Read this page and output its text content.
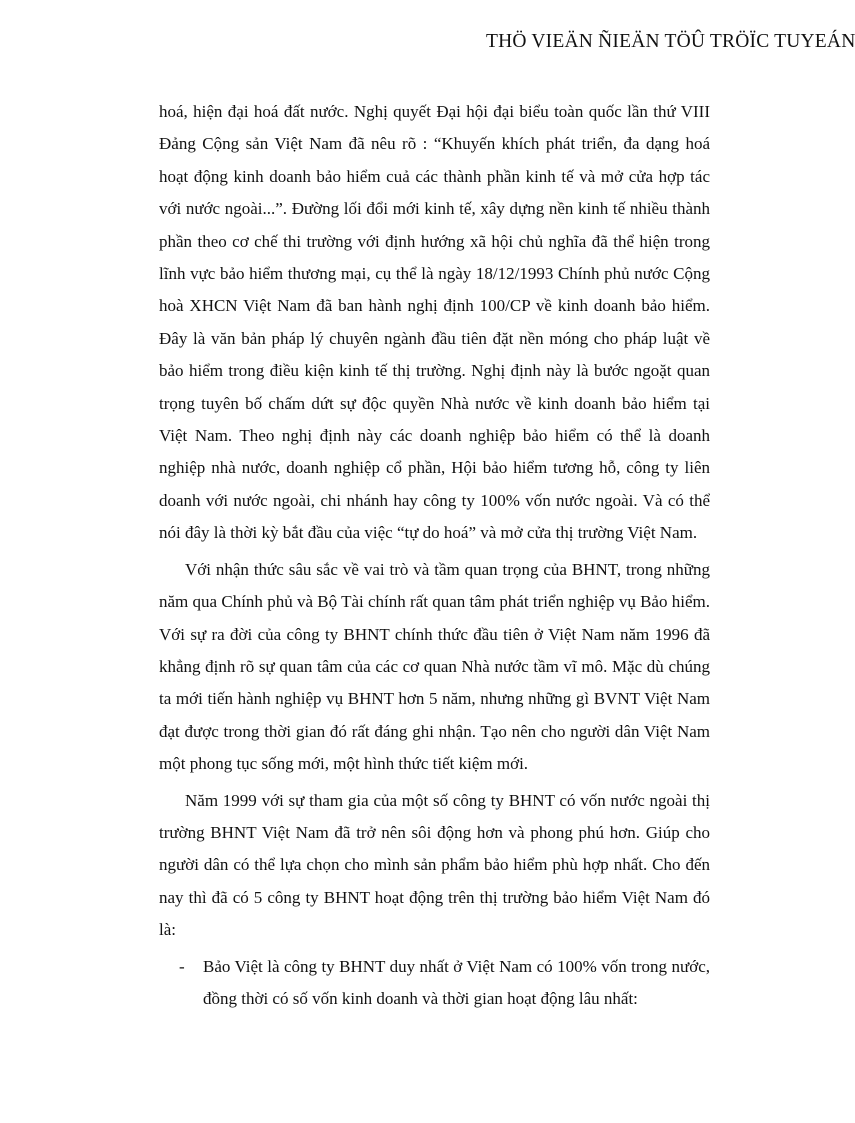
THÖ VIEÄN ÑIEÄN TÖÛ TRÖÏC TUYEÁN

hoá, hiện đại hoá đất nước. Nghị quyết Đại hội đại biểu toàn quốc lần thứ VIII Đảng Cộng sản Việt Nam đã nêu rõ : “Khuyến khích phát triển, đa dạng hoá hoạt động kinh doanh bảo hiểm cuả các thành phần kinh tế và mở cửa hợp tác với nước ngoài...”. Đường lối đổi mới kinh tế, xây dựng nền kinh tế nhiều thành phần theo cơ chế thi trường với định hướng xã hội chủ nghĩa đã thể hiện trong lĩnh vực bảo hiểm thương mại, cụ thể là ngày 18/12/1993 Chính phủ nước Cộng hoà XHCN Việt Nam đã ban hành nghị định 100/CP về kinh doanh bảo hiểm. Đây là văn bản pháp lý chuyên ngành đầu tiên đặt nền móng cho pháp luật về bảo hiểm trong điều kiện kinh tế thị trường. Nghị định này là bước ngoặt quan trọng tuyên bố chấm dứt sự độc quyền Nhà nước về kinh doanh bảo hiểm tại Việt Nam. Theo nghị định này các doanh nghiệp bảo hiểm có thể là doanh nghiệp nhà nước, doanh nghiệp cổ phần, Hội bảo hiểm tương hỗ, công ty liên doanh với nước ngoài, chi nhánh hay công ty 100% vốn nước ngoài. Và có thể nói đây là thời kỳ bắt đầu của việc “tự do hoá” và mở cửa thị trường Việt Nam.

Với nhận thức sâu sắc về vai trò và tầm quan trọng của BHNT, trong những năm qua Chính phủ và Bộ Tài chính rất quan tâm phát triển nghiệp vụ Bảo hiểm. Với sự ra đời của công ty BHNT chính thức đầu tiên ở Việt Nam năm 1996 đã khẳng định rõ sự quan tâm của các cơ quan Nhà nước tầm vĩ mô. Mặc dù chúng ta mới tiến hành nghiệp vụ BHNT hơn 5 năm, nhưng những gì BVNT Việt Nam đạt được trong thời gian đó rất đáng ghi nhận. Tạo nên cho người dân Việt Nam một phong tục sống mới, một hình thức tiết kiệm mới.

Năm 1999 với sự tham gia của một số công ty BHNT có vốn nước ngoài thị trường BHNT Việt Nam đã trở nên sôi động hơn và phong phú hơn. Giúp cho người dân có thể lựa chọn cho mình sản phẩm bảo hiểm phù hợp nhất. Cho đến nay thì đã có 5 công ty BHNT hoạt động trên thị trường bảo hiểm Việt Nam đó là:

- Bảo Việt là công ty BHNT duy nhất ở Việt Nam có 100% vốn trong nước, đồng thời có số vốn kinh doanh và thời gian hoạt động lâu nhất:
